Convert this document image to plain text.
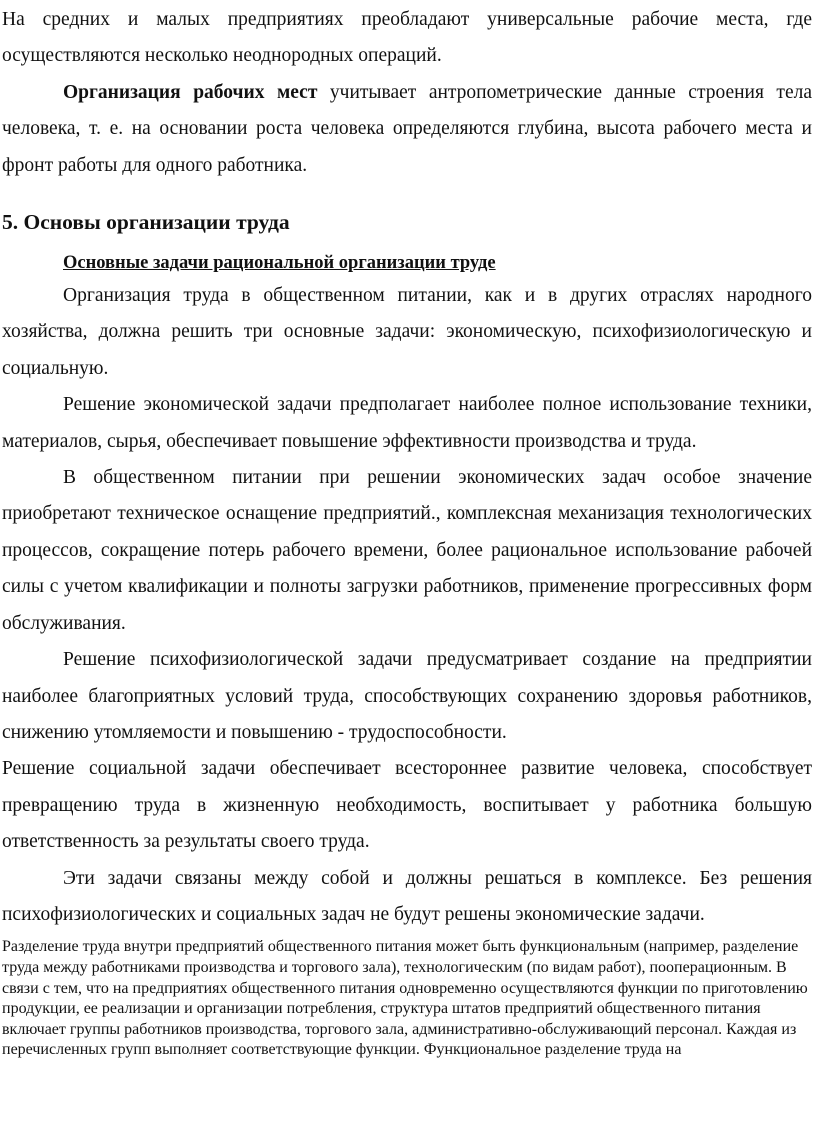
На средних и малых предприятиях преобладают универсальные рабочие места, где осуществляются несколько неоднородных операций.

Организация рабочих мест учитывает антропометрические данные строения тела человека, т. е. на основании роста человека определяются глубина, высота рабочего места и фронт работы для одного работника.

5. Основы организации труда

Основные задачи рациональной организации труде

Организация труда в общественном питании, как и в других отраслях народного хозяйства, должна решить три основные задачи: экономическую, психофизиологическую и социальную.

Решение экономической задачи предполагает наиболее полное использование техники, материалов, сырья, обеспечивает повышение эффективности производства и труда.

В общественном питании при решении экономических задач особое значение приобретают техническое оснащение предприятий., комплексная механизация технологических процессов, сокращение потерь рабочего времени, более рациональное использование рабочей силы с учетом квалификации и полноты загрузки работников, применение прогрессивных форм обслуживания.

Решение психофизиологической задачи предусматривает создание на предприятии наиболее благоприятных условий труда, способствующих сохранению здоровья работников, снижению утомляемости и повышению - трудоспособности.

Решение социальной задачи обеспечивает всестороннее развитие человека, способствует превращению труда в жизненную необходимость, воспитывает у работника большую ответственность за результаты своего труда.

Эти задачи связаны между собой и должны решаться в комплексе. Без решения психофизиологических и социальных задач не будут решены экономические задачи.

Разделение труда внутри предприятий общественного питания может быть функциональным (например, разделение труда между работниками производства и торгового зала), технологическим (по видам работ), пооперационным. В связи с тем, что на предприятиях общественного питания одновременно осуществляются функции по приготовлению продукции, ее реализации и организации потребления, структура штатов предприятий общественного питания включает группы работников производства, торгового зала, административно-обслуживающий персонал. Каждая из перечисленных групп выполняет соответствующие функции. Функциональное разделение труда на
